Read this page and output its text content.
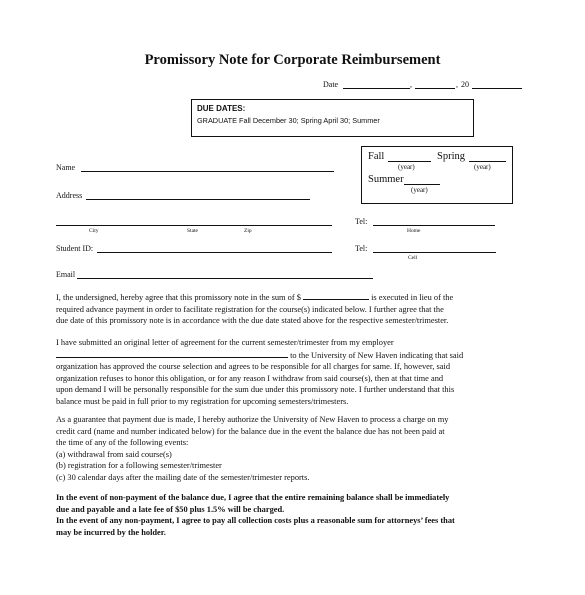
Promissory Note for Corporate Reimbursement
Date	,	, 20
DUE DATES:
GRADUATE Fall December 30; Spring April 30; Summer
Fall
(year)
Spring
(year)
Summer
(year)
Name
Address
City	State	Zip
Tel:
Home
Student ID:	Tel:
Cell
Email

I, the undersigned, hereby agree that this promissory note in the sum of $	is executed in lieu of the

required advance payment in order to facilitate registration for the course(s) indicated below. I further agree that the

due date of this promissory note is in accordance with the due date stated above for the respective semester/trimester.

I have submitted an original letter of agreement for the current semester/trimester from my employer

to the University of New Haven indicating that said

organization has approved the course selection and agrees to be responsible for all charges for same. If, however, said

organization refuses to honor this obligation, or for any reason I withdraw from said course(s), then at that time and

upon demand I will be personally responsible for the sum due under this promissory note. I further understand that this

balance must be paid in full prior to my registration for upcoming semesters/trimesters.

As a guarantee that payment due is made, I hereby authorize the University of New Haven to process a charge on my

credit card (name and number indicated below) for the balance due in the event the balance due has not been paid at

the time of any of the following events:

(a) withdrawal from said course(s)

(b) registration for a following semester/trimester

(c) 30 calendar days after the mailing date of the semester/trimester reports.

In the event of non-payment of the balance due, I agree that the entire remaining balance shall be immediately

due and payable and a late fee of $50 plus 1.5% will be charged.

In the event of any non-payment, I agree to pay all collection costs plus a reasonable sum for attorneys’ fees that

may be incurred by the holder.
